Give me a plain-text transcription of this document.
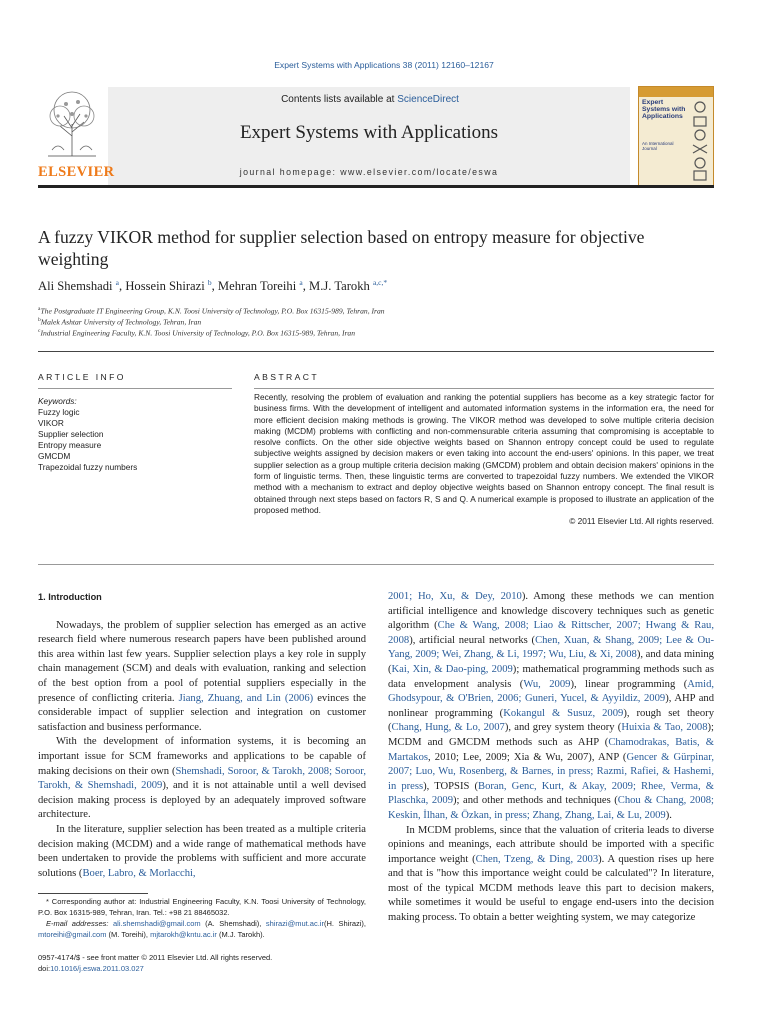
Expert Systems with Applications 38 (2011) 12160–12167
Contents lists available at ScienceDirect
Expert Systems with Applications
journal homepage: www.elsevier.com/locate/eswa
ELSEVIER
Expert Systems with Applications
An International Journal
A fuzzy VIKOR method for supplier selection based on entropy measure for objective weighting
Ali Shemshadi $^a$, Hossein Shirazi $^b$, Mehran Toreihi $^a$, M.J. Tarokh $^{a,c,*}$
$^a$The Postgraduate IT Engineering Group, K.N. Toosi University of Technology, P.O. Box 16315-989, Tehran, Iran
$^b$Malek Ashtar University of Technology, Tehran, Iran
$^c$Industrial Engineering Faculty, K.N. Toosi University of Technology, P.O. Box 16315-989, Tehran, Iran
ARTICLE INFO	ABSTRACT
Keywords:
Fuzzy logic
VIKOR
Supplier selection
Entropy measure
GMCDM
Trapezoidal fuzzy numbers
Recently, resolving the problem of evaluation and ranking the potential suppliers has become as a key strategic factor for business firms. With the development of intelligent and automated information systems in the information era, the need for more efficient decision making methods is growing. The VIKOR method was developed to solve multiple criteria decision making (MCDM) problems with conflicting and non-commensurable criteria assuming that compromising is acceptable to resolve conflicts. On the other side objective weights based on Shannon entropy concept could be used to regulate subjective weights assigned by decision makers or even taking into account the end-users' opinions. In this paper, we treat supplier selection as a group multiple criteria decision making (GMCDM) problem and obtain decision makers' opinions in the form of linguistic terms. Then, these linguistic terms are converted to trapezoidal fuzzy numbers. We extended the VIKOR method with a mechanism to extract and deploy objective weights based on Shannon entropy concept. The final result is obtained through next steps based on factors R, S and Q. A numerical example is proposed to illustrate an application of the proposed method.
© 2011 Elsevier Ltd. All rights reserved.

1. Introduction

Nowadays, the problem of supplier selection has emerged as an active research field where numerous research papers have been published around this area within last few years. Supplier selection plays a key role in supply chain management (SCM) and deals with evaluation, ranking and selection of the best option from a pool of potential suppliers especially in the presence of conflicting criteria. Jiang, Zhuang, and Lin (2006) evinces the considerable impact of supplier selection and integration on customer satisfaction and business performance.

With the development of information systems, it is becoming an important issue for SCM frameworks and applications to be capable of making decisions on their own (Shemshadi, Soroor, & Tarokh, 2008; Soroor, Tarokh, & Shemshadi, 2009), and it is not attainable until a well devised decision making process is deployed by an adequately improved software architecture.

In the literature, supplier selection has been treated as a multiple criteria decision making (MCDM) and a wide range of mathematical methods have been undertaken to provide the problems with sufficient and more accurate solutions (Boer, Labro, & Morlacchi,

* Corresponding author at: Industrial Engineering Faculty, K.N. Toosi University of Technology, P.O. Box 16315-989, Tehran, Iran. Tel.: +98 21 88465032.

E-mail addresses: ali.shemshadi@gmail.com (A. Shemshadi), shirazi@mut.ac.ir(H. Shirazi), mtoreihi@gmail.com (M. Toreihi), mjtarokh@kntu.ac.ir (M.J. Tarokh).

0957-4174/$ - see front matter © 2011 Elsevier Ltd. All rights reserved.
doi:10.1016/j.eswa.2011.03.027

2001; Ho, Xu, & Dey, 2010). Among these methods we can mention artificial intelligence and knowledge discovery techniques such as genetic algorithm (Che & Wang, 2008; Liao & Rittscher, 2007; Hwang & Rau, 2008), artificial neural networks (Chen, Xuan, & Shang, 2009; Lee & Ou-Yang, 2009; Wei, Zhang, & Li, 1997; Wu, Liu, & Xi, 2008), and data mining (Kai, Xin, & Dao-ping, 2009); mathematical programming methods such as data envelopment analysis (Wu, 2009), linear programming (Amid, Ghodsypour, & O'Brien, 2006; Guneri, Yucel, & Ayyildiz, 2009), AHP and nonlinear programming (Kokangul & Susuz, 2009), rough set theory (Chang, Hung, & Lo, 2007), and grey system theory (Huixia & Tao, 2008); MCDM and GMCDM methods such as AHP (Chamodrakas, Batis, & Martakos, 2010; Lee, 2009; Xia & Wu, 2007), ANP (Gencer & Gürpinar, 2007; Luo, Wu, Rosenberg, & Barnes, in press; Razmi, Rafiei, & Hashemi, in press), TOPSIS (Boran, Genc, Kurt, & Akay, 2009; Rhee, Verma, & Plaschka, 2009); and other methods and techniques (Chou & Chang, 2008; Keskin, İlhan, & Özkan, in press; Zhang, Zhang, Lai, & Lu, 2009).

In MCDM problems, since that the valuation of criteria leads to diverse opinions and meanings, each attribute should be imported with a specific importance weight (Chen, Tzeng, & Ding, 2003). A question rises up here and that is "how this importance weight could be calculated"? In literature, most of the typical MCDM methods leave this part to decision makers, while sometimes it would be useful to engage end-users into the decision making process. To obtain a better weighting system, we may categorize
